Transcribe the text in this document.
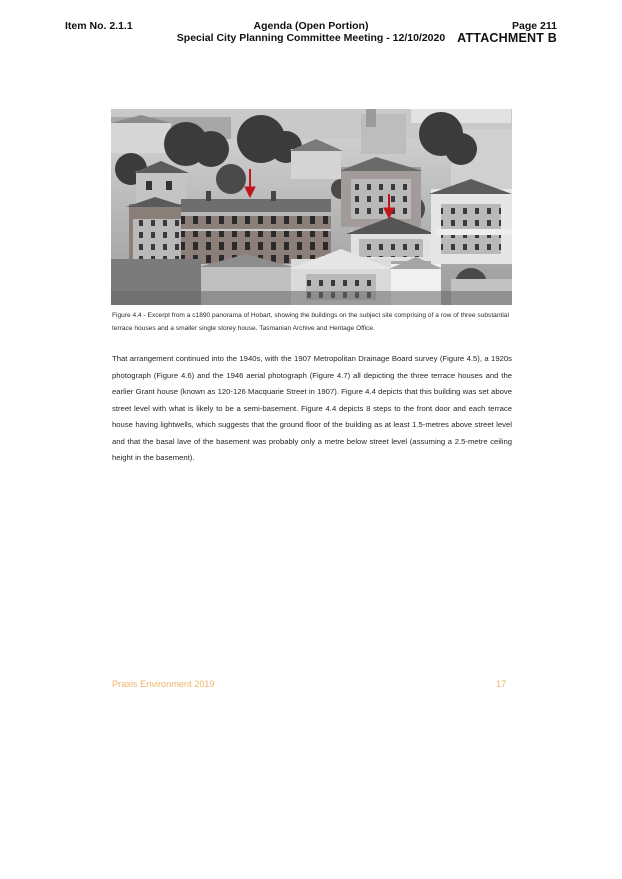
Item No. 2.1.1	Agenda (Open Portion)
Special City Planning Committee Meeting - 12/10/2020
Page 211
ATTACHMENT B
Figure 4.4 - Excerpt from a c1890 panorama of Hobart, showing the buildings on the subject site comprising of a row of three substantial terrace houses and a smaller single storey house. Tasmanian Archive and Heritage Office.
That arrangement continued into the 1940s, with the 1907 Metropolitan Drainage Board survey (Figure 4.5), a 1920s photograph (Figure 4.6) and the 1946 aerial photograph (Figure 4.7) all depicting the three terrace houses and the earlier Grant house (known as 120-126 Macquarie Street in 1907). Figure 4.4 depicts that this building was set above street level with what is likely to be a semi-basement. Figure 4.4 depicts 8 steps to the front door and each terrace house having lightwells, which suggests that the ground floor of the building as at least 1.5-metres above street level and that the basal lave of the basement was probably only a metre below street level (assuming a 2.5-metre ceiling height in the basement).
Praxis Environment 2019	17
